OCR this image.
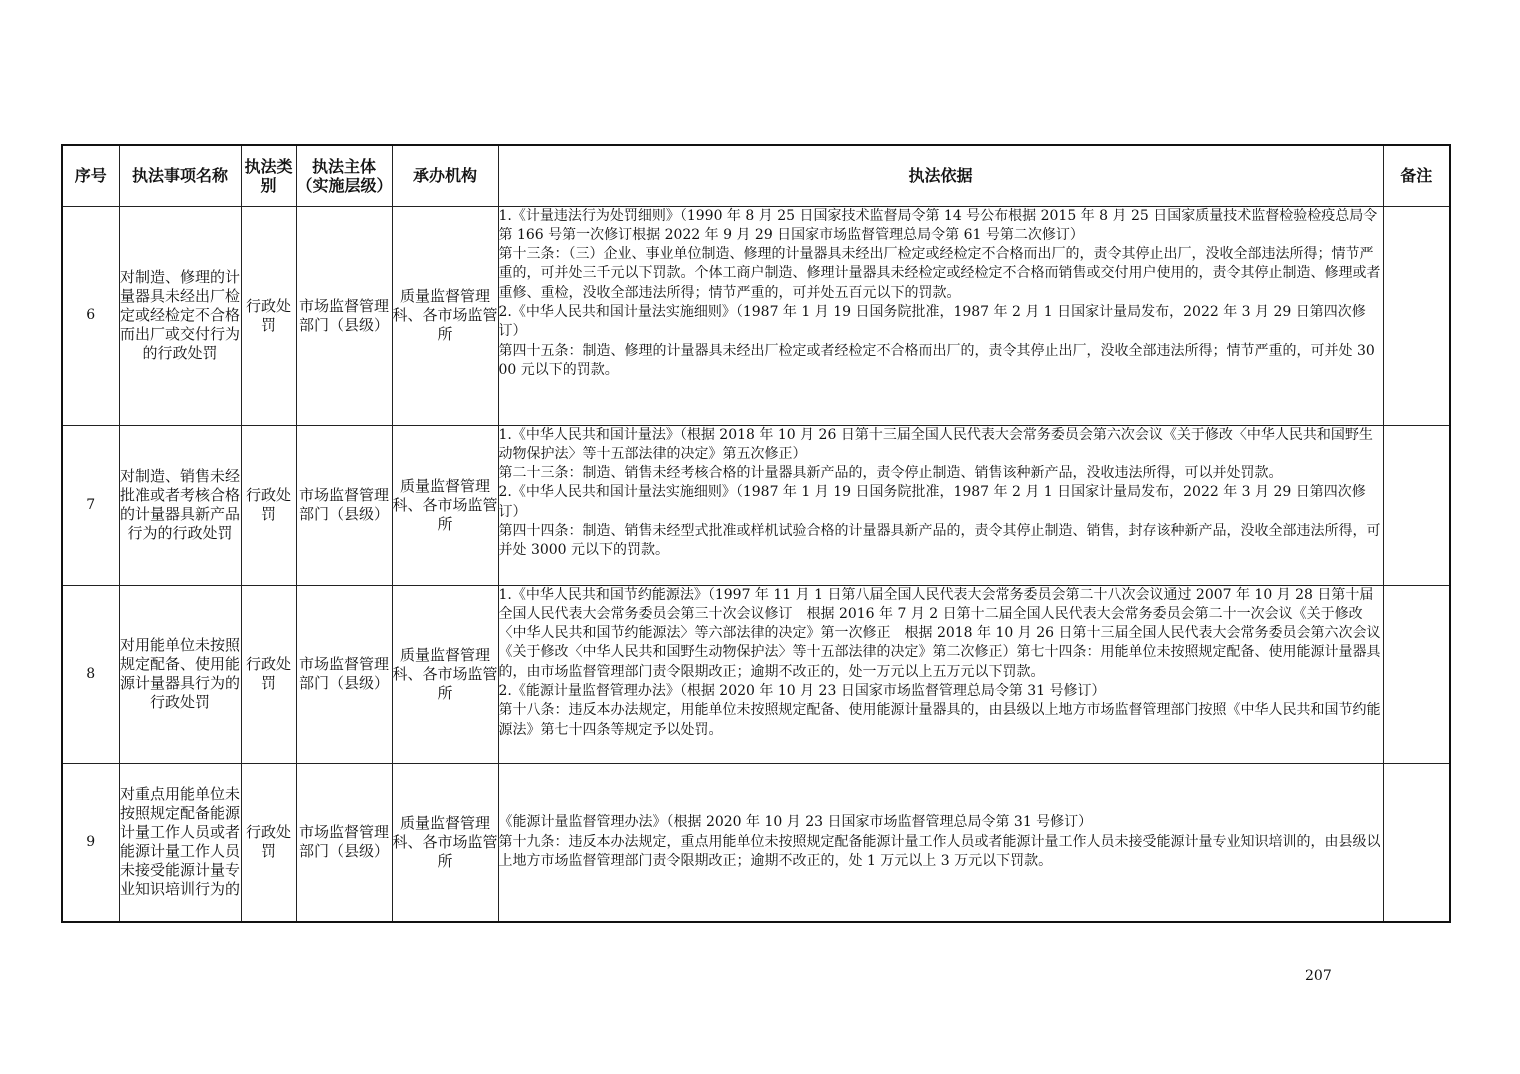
序号	执法事项名称	执法类别	执法主体（实施层级）	承办机构	执法依据	备注
6	对制造、修理的计量器具未经出厂检定或经检定不合格而出厂或交付行为的行政处罚	行政处罚	市场监督管理部门（县级）	质量监督管理科、各市场监管所	1.《计量违法行为处罚细则》（1990 年 8 月 25 日国家技术监督局令第 14 号公布根据 2015 年 8 月 25 日国家质量技术监督检验检疫总局令第 166 号第一次修订根据 2022 年 9 月 29 日国家市场监督管理总局令第 61 号第二次修订）

第十三条：（三）企业、事业单位制造、修理的计量器具未经出厂检定或经检定不合格而出厂的，责令其停止出厂，没收全部违法所得；情节严重的，可并处三千元以下罚款。个体工商户制造、修理计量器具未经检定或经检定不合格而销售或交付用户使用的，责令其停止制造、修理或者重修、重检，没收全部违法所得；情节严重的，可并处五百元以下的罚款。

2.《中华人民共和国计量法实施细则》（1987 年 1 月 19 日国务院批准，1987 年 2 月 1 日国家计量局发布，2022 年 3 月 29 日第四次修订）

第四十五条：制造、修理的计量器具未经出厂检定或者经检定不合格而出厂的，责令其停止出厂，没收全部违法所得；情节严重的，可并处 3000 元以下的罚款。	

7	对制造、销售未经批准或者考核合格的计量器具新产品行为的行政处罚	行政处罚	市场监督管理部门（县级）	质量监督管理科、各市场监管所	1.《中华人民共和国计量法》（根据 2018 年 10 月 26 日第十三届全国人民代表大会常务委员会第六次会议《关于修改〈中华人民共和国野生动物保护法〉等十五部法律的决定》第五次修正）

第二十三条：制造、销售未经考核合格的计量器具新产品的，责令停止制造、销售该种新产品，没收违法所得，可以并处罚款。

2.《中华人民共和国计量法实施细则》（1987 年 1 月 19 日国务院批准，1987 年 2 月 1 日国家计量局发布，2022 年 3 月 29 日第四次修订）

第四十四条：制造、销售未经型式批准或样机试验合格的计量器具新产品的，责令其停止制造、销售，封存该种新产品，没收全部违法所得，可并处 3000 元以下的罚款。	

8	对用能单位未按照规定配备、使用能源计量器具行为的行政处罚	行政处罚	市场监督管理部门（县级）	质量监督管理科、各市场监管所	1.《中华人民共和国节约能源法》（1997 年 11 月 1 日第八届全国人民代表大会常务委员会第二十八次会议通过 2007 年 10 月 28 日第十届全国人民代表大会常务委员会第三十次会议修订　根据 2016 年 7 月 2 日第十二届全国人民代表大会常务委员会第二十一次会议《关于修改〈中华人民共和国节约能源法〉等六部法律的决定》第一次修正　根据 2018 年 10 月 26 日第十三届全国人民代表大会常务委员会第六次会议《关于修改〈中华人民共和国野生动物保护法〉等十五部法律的决定》第二次修正）第七十四条：用能单位未按照规定配备、使用能源计量器具的，由市场监督管理部门责令限期改正；逾期不改正的，处一万元以上五万元以下罚款。

2.《能源计量监督管理办法》（根据 2020 年 10 月 23 日国家市场监督管理总局令第 31 号修订）

第十八条：违反本办法规定，用能单位未按照规定配备、使用能源计量器具的，由县级以上地方市场监督管理部门按照《中华人民共和国节约能源法》第七十四条等规定予以处罚。	

9	对重点用能单位未按照规定配备能源计量工作人员或者能源计量工作人员未接受能源计量专业知识培训行为的	行政处罚	市场监督管理部门（县级）	质量监督管理科、各市场监管所	《能源计量监督管理办法》（根据 2020 年 10 月 23 日国家市场监督管理总局令第 31 号修订）

第十九条：违反本办法规定，重点用能单位未按照规定配备能源计量工作人员或者能源计量工作人员未接受能源计量专业知识培训的，由县级以上地方市场监督管理部门责令限期改正；逾期不改正的，处 1 万元以上 3 万元以下罚款。	

207
